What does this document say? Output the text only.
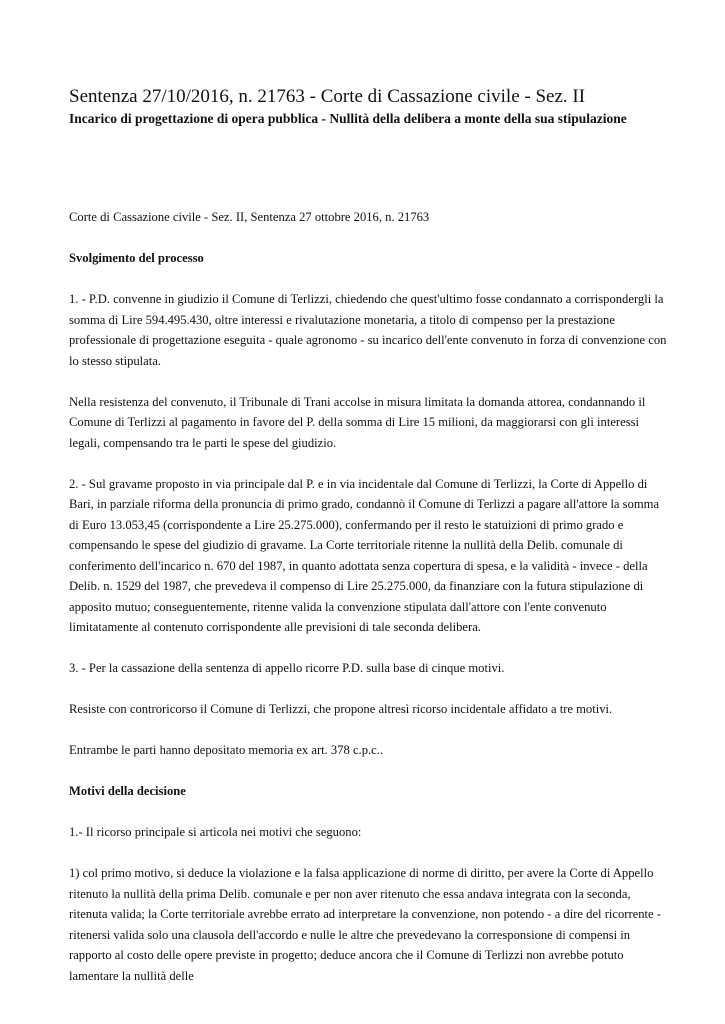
Sentenza 27/10/2016, n. 21763 - Corte di Cassazione civile - Sez. II
Incarico di progettazione di opera pubblica - Nullità della delibera a monte della sua stipulazione

Corte di Cassazione civile - Sez. II, Sentenza 27 ottobre 2016, n. 21763

Svolgimento del processo

1. - P.D. convenne in giudizio il Comune di Terlizzi, chiedendo che quest'ultimo fosse condannato a corrispondergli la somma di Lire 594.495.430, oltre interessi e rivalutazione monetaria, a titolo di compenso per la prestazione professionale di progettazione eseguita - quale agronomo - su incarico dell'ente convenuto in forza di convenzione con lo stesso stipulata.

Nella resistenza del convenuto, il Tribunale di Trani accolse in misura limitata la domanda attorea, condannando il Comune di Terlizzi al pagamento in favore del P. della somma di Lire 15 milioni, da maggiorarsi con gli interessi legali, compensando tra le parti le spese del giudizio.

2. - Sul gravame proposto in via principale dal P. e in via incidentale dal Comune di Terlizzi, la Corte di Appello di Bari, in parziale riforma della pronuncia di primo grado, condannò il Comune di Terlizzi a pagare all'attore la somma di Euro 13.053,45 (corrispondente a Lire 25.275.000), confermando per il resto le statuizioni di primo grado e compensando le spese del giudizio di gravame. La Corte territoriale ritenne la nullità della Delib. comunale di conferimento dell'incarico n. 670 del 1987, in quanto adottata senza copertura di spesa, e la validità - invece - della Delib. n. 1529 del 1987, che prevedeva il compenso di Lire 25.275.000, da finanziare con la futura stipulazione di apposito mutuo; conseguentemente, ritenne valida la convenzione stipulata dall'attore con l'ente convenuto limitatamente al contenuto corrispondente alle previsioni di tale seconda delibera.

3. - Per la cassazione della sentenza di appello ricorre P.D. sulla base di cinque motivi.

Resiste con controricorso il Comune di Terlizzi, che propone altresì ricorso incidentale affidato a tre motivi.

Entrambe le parti hanno depositato memoria ex art. 378 c.p.c..

Motivi della decisione

1.- Il ricorso principale si articola nei motivi che seguono:

1) col primo motivo, si deduce la violazione e la falsa applicazione di norme di diritto, per avere la Corte di Appello ritenuto la nullità della prima Delib. comunale e per non aver ritenuto che essa andava integrata con la seconda, ritenuta valida; la Corte territoriale avrebbe errato ad interpretare la convenzione, non potendo - a dire del ricorrente - ritenersi valida solo una clausola dell'accordo e nulle le altre che prevedevano la corresponsione di compensi in rapporto al costo delle opere previste in progetto; deduce ancora che il Comune di Terlizzi non avrebbe potuto lamentare la nullità delle
